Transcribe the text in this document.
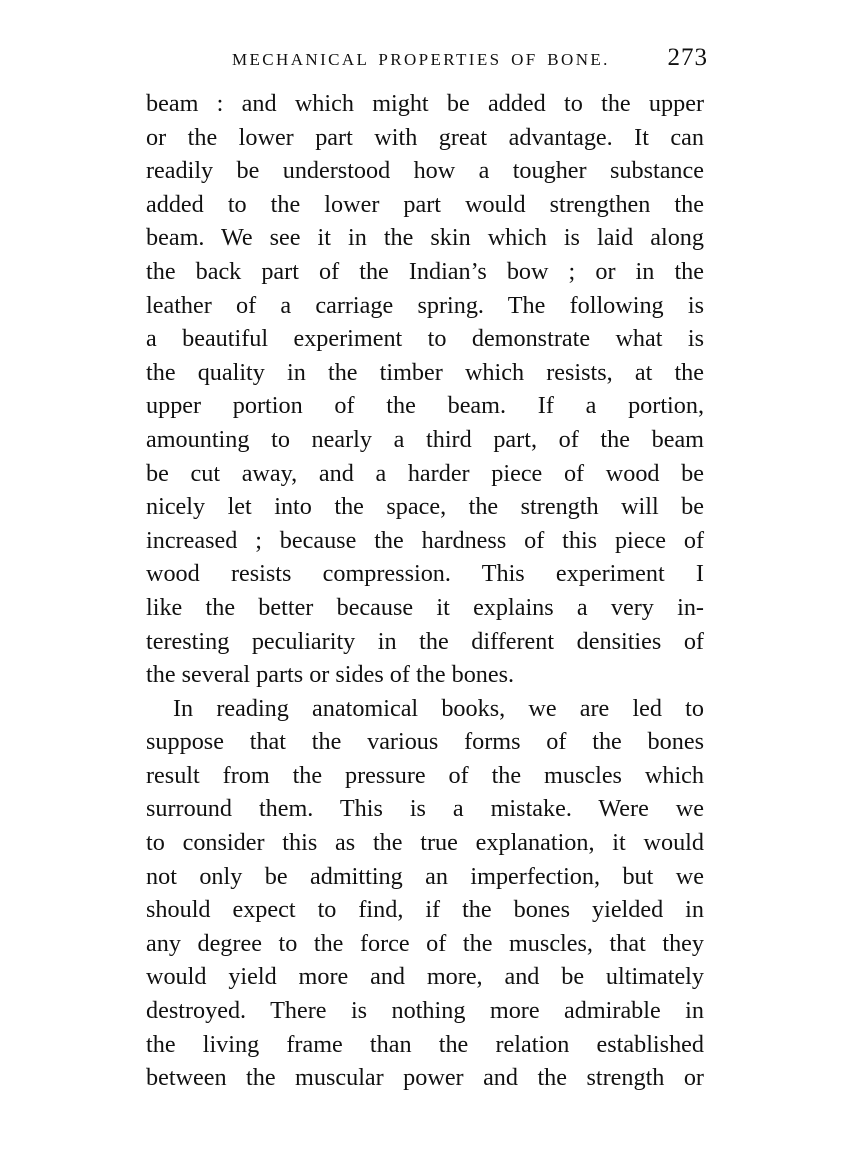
MECHANICAL PROPERTIES OF BONE. 273
beam : and which might be added to the upper
or the lower part with great advantage. It can
readily be understood how a tougher substance
added to the lower part would strengthen the
beam. We see it in the skin which is laid along
the back part of the Indian’s bow ; or in the
leather of a carriage spring. The following is
a beautiful experiment to demonstrate what is
the quality in the timber which resists, at the
upper portion of the beam. If a portion,
amounting to nearly a third part, of the beam
be cut away, and a harder piece of wood be
nicely let into the space, the strength will be
increased ; because the hardness of this piece of
wood resists compression. This experiment I
like the better because it explains a very in-
teresting peculiarity in the different densities of
the several parts or sides of the bones.
In reading anatomical books, we are led to
suppose that the various forms of the bones
result from the pressure of the muscles which
surround them. This is a mistake. Were we
to consider this as the true explanation, it would
not only be admitting an imperfection, but we
should expect to find, if the bones yielded in
any degree to the force of the muscles, that they
would yield more and more, and be ultimately
destroyed. There is nothing more admirable in
the living frame than the relation established
between the muscular power and the strength or
